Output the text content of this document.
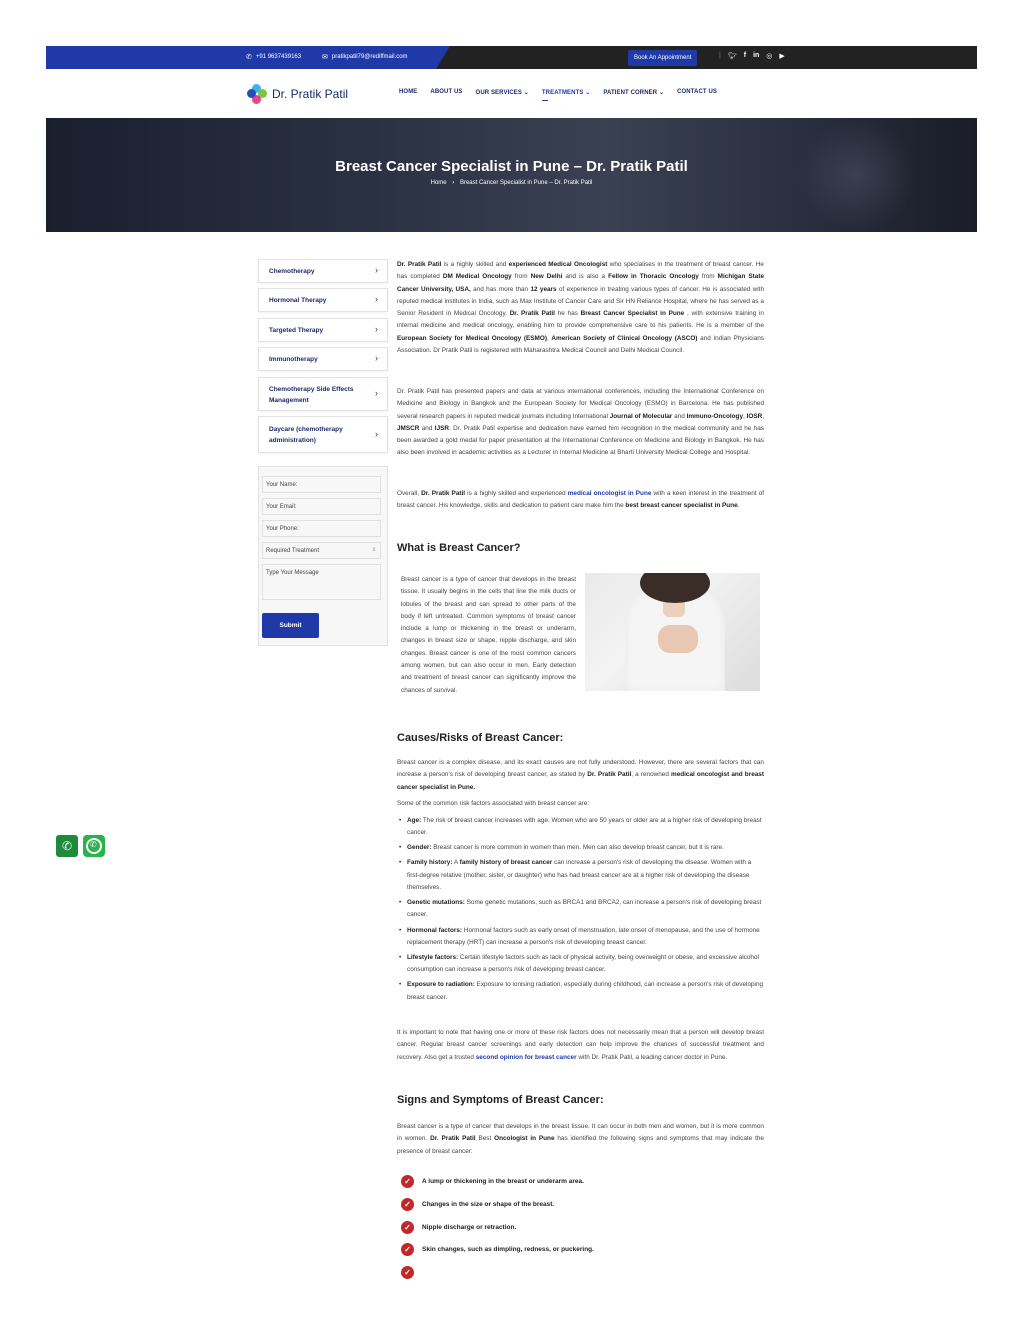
✆ +91 9637439163	✉ pratikpatil79@rediffmail.com	Book An Appointment	| 🐦︎ f in ◎ ▶
Dr. Pratik Patil	HOME ABOUT US OUR SERVICES ⌄ TREATMENTS ⌄ PATIENT CORNER ⌄ CONTACT US
Breast Cancer Specialist in Pune – Dr. Pratik Patil
Home › Breast Cancer Specialist in Pune – Dr. Pratik Patil
Chemotherapy	›
Hormonal Therapy	›
Targeted Therapy	›
Immunotherapy	›
Chemotherapy Side Effects Management
›
Daycare (chemotherapy administration)
›
Your Name:
Your Email:
Your Phone:
Required Treatment	⇕
Type Your Message
Submit
Dr. Pratik Patil is a highly skilled and experienced Medical Oncologist who specialises in the treatment of breast cancer. He has completed DM Medical Oncology from New Delhi and is also a Fellow in Thoracic Oncology from Michigan State Cancer University, USA, and has more than 12 years of experience in treating various types of cancer. He is associated with reputed medical institutes in India, such as Max Institute of Cancer Care and Sir HN Reliance Hospital, where he has served as a Senior Resident in Medical Oncology. Dr. Pratik Patil he has Breast Cancer Specialist in Pune , with extensive training in internal medicine and medical oncology, enabling him to provide comprehensive care to his patients. He is a member of the European Society for Medical Oncology (ESMO), American Society of Clinical Oncology (ASCO) and Indian Physicians Association. Dr Pratik Patil is registered with Maharashtra Medical Council and Delhi Medical Council.
Dr. Pratik Patil has presented papers and data at various international conferences, including the International Conference on Medicine and Biology in Bangkok and the European Society for Medical Oncology (ESMO) in Barcelona. He has published several research papers in reputed medical journals including International Journal of Molecular and Immuno-Oncology, IOSR, JMSCR and IJSR. Dr. Pratik Patil expertise and dedication have earned him recognition in the medical community and he has been awarded a gold medal for paper presentation at the International Conference on Medicine and Biology in Bangkok. He has also been involved in academic activities as a Lecturer in Internal Medicine at Bharti University Medical College and Hospital.
Overall, Dr. Pratik Patil is a highly skilled and experienced medical oncologist in Pune with a keen interest in the treatment of breast cancer. His knowledge, skills and dedication to patient care make him the best breast cancer specialist in Pune.
What is Breast Cancer?
Breast cancer is a type of cancer that develops in the breast tissue. It usually begins in the cells that line the milk ducts or lobules of the breast and can spread to other parts of the body if left untreated. Common symptoms of breast cancer include a lump or thickening in the breast or underarm, changes in breast size or shape, nipple discharge, and skin changes. Breast cancer is one of the most common cancers among women, but can also occur in men. Early detection and treatment of breast cancer can significantly improve the chances of survival.
Causes/Risks of Breast Cancer:
Breast cancer is a complex disease, and its exact causes are not fully understood. However, there are several factors that can increase a person's risk of developing breast cancer, as stated by Dr. Pratik Patil, a renowned medical oncologist and breast cancer specialist in Pune.
Some of the common risk factors associated with breast cancer are:
• Age: The risk of breast cancer increases with age. Women who are 50 years or older are at a higher risk of developing breast cancer.
• Gender: Breast cancer is more common in women than men. Men can also develop breast cancer, but it is rare.
• Family history: A family history of breast cancer can increase a person's risk of developing the disease. Women with a first-degree relative (mother, sister, or daughter) who has had breast cancer are at a higher risk of developing the disease themselves.
• Genetic mutations: Some genetic mutations, such as BRCA1 and BRCA2, can increase a person's risk of developing breast cancer.
• Hormonal factors: Hormonal factors such as early onset of menstruation, late onset of menopause, and the use of hormone replacement therapy (HRT) can increase a person's risk of developing breast cancer.
• Lifestyle factors: Certain lifestyle factors such as lack of physical activity, being overweight or obese, and excessive alcohol consumption can increase a person's risk of developing breast cancer.
• Exposure to radiation: Exposure to ionising radiation, especially during childhood, can increase a person's risk of developing breast cancer.
It is important to note that having one or more of these risk factors does not necessarily mean that a person will develop breast cancer. Regular breast cancer screenings and early detection can help improve the chances of successful treatment and recovery. Also get a trusted second opinion for breast cancer with Dr. Pratik Patil, a leading cancer doctor in Pune.
Signs and Symptoms of Breast Cancer:
Breast cancer is a type of cancer that develops in the breast tissue. It can occur in both men and women, but it is more common in women. Dr. Pratik Patil Best Oncologist in Pune has identified the following signs and symptoms that may indicate the presence of breast cancer:
✓	A lump or thickening in the breast or underarm area.
✓	Changes in the size or shape of the breast.
✓	Nipple discharge or retraction.
✓	Skin changes, such as dimpling, redness, or puckering.
✓
✆	✆
